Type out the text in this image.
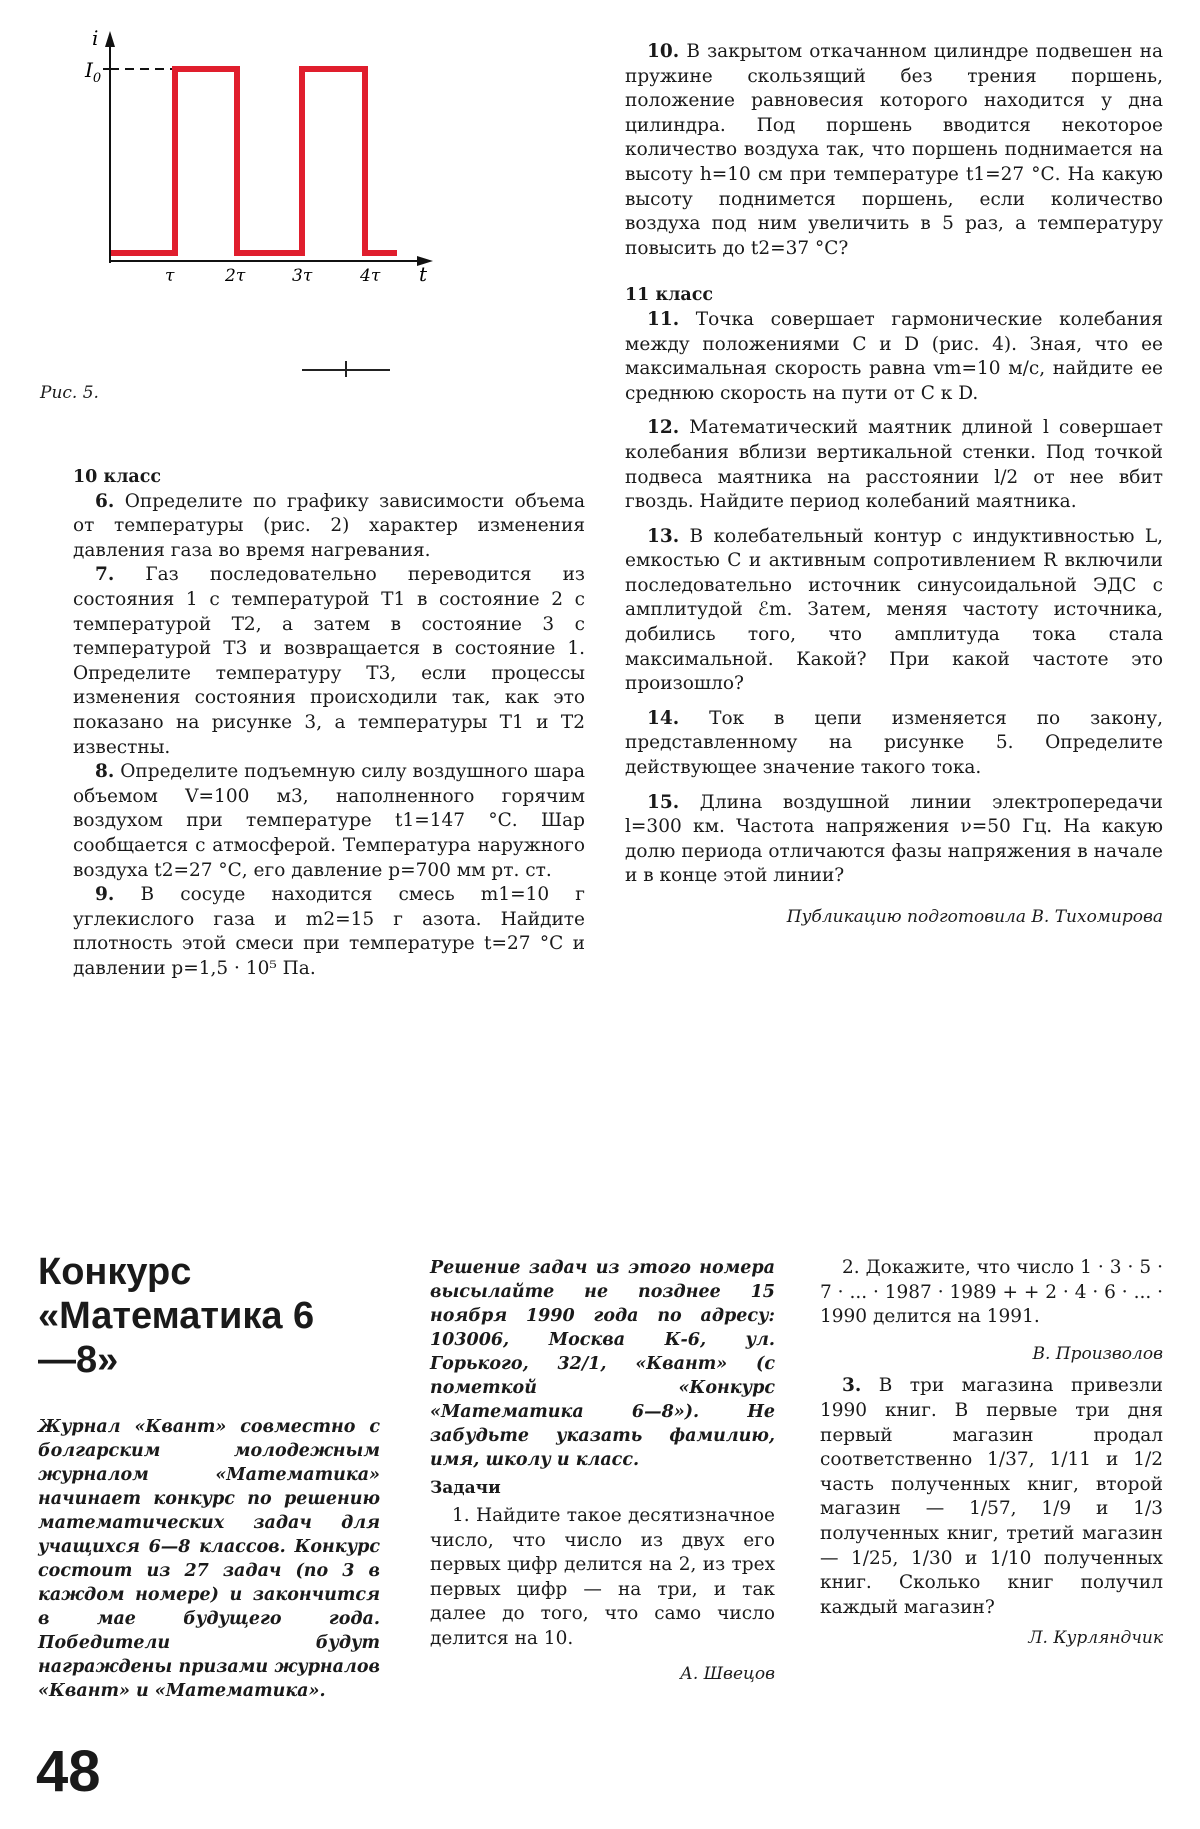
i
$I_0$
τ	2τ	3τ	4τ t
Рис. 5.

10 класс

6. Определите по графику зависимости объема от температуры (рис. 2) характер изменения давления газа во время нагревания.

7. Газ последовательно переводится из состояния 1 с температурой T1 в состояние 2 с температурой T2, а затем в состояние 3 с температурой T3 и возвращается в состояние 1. Определите температуру T3, если процессы изменения состояния происходили так, как это показано на рисунке 3, а температуры T1 и T2 известны.

8. Определите подъемную силу воздушного шара объемом V=100 м3, наполненного горячим воздухом при температуре t1=147 °С. Шар сообщается с атмосферой. Температура наружного воздуха t2=27 °С, его давление p=700 мм рт. ст.

9. В сосуде находится смесь m1=10 г углекислого газа и m2=15 г азота. Найдите плотность этой смеси при температуре t=27 °С и давлении p=1,5 · 10⁵ Па.

10. В закрытом откачанном цилиндре подвешен на пружине скользящий без трения поршень, положение равновесия которого находится у дна цилиндра. Под поршень вводится некоторое количество воздуха так, что поршень поднимается на высоту h=10 см при температуре t1=27 °С. На какую высоту поднимется поршень, если количество воздуха под ним увеличить в 5 раз, а температуру повысить до t2=37 °С?

11 класс

11. Точка совершает гармонические колебания между положениями C и D (рис. 4). Зная, что ее максимальная скорость равна vm=10 м/с, найдите ее среднюю скорость на пути от C к D.

12. Математический маятник длиной l совершает колебания вблизи вертикальной стенки. Под точкой подвеса маятника на расстоянии l/2 от нее вбит гвоздь. Найдите период колебаний маятника.

13. В колебательный контур с индуктивностью L, емкостью C и активным сопротивлением R включили последовательно источник синусоидальной ЭДС с амплитудой ℰm. Затем, меняя частоту источника, добились того, что амплитуда тока стала максимальной. Какой? При какой частоте это произошло?

14. Ток в цепи изменяется по закону, представленному на рисунке 5. Определите действующее значение такого тока.

15. Длина воздушной линии электропередачи l=300 км. Частота напряжения ν=50 Гц. На какую долю периода отличаются фазы напряжения в начале и в конце этой линии?

Публикацию подготовила В. Тихомирова

Конкурс «Математика 6—8»
Журнал «Квант» совместно с болгарским молодежным журналом «Математика» начинает конкурс по решению математических задач для учащихся 6—8 классов. Конкурс состоит из 27 задач (по 3 в каждом номере) и закончится в мае будущего года. Победители будут награждены призами журналов «Квант» и «Математика».
Решение задач из этого номера высылайте не позднее 15 ноября 1990 года по адресу: 103006, Москва К-6, ул. Горького, 32/1, «Квант» (с пометкой «Конкурс «Математика 6—8»). Не забудьте указать фамилию, имя, школу и класс.
Задачи

1. Найдите такое десятизначное число, что число из двух его первых цифр делится на 2, из трех первых цифр — на три, и так далее до того, что само число делится на 10.

А. Швецов

2. Докажите, что число 1 · 3 · 5 · 7 · ... · 1987 · 1989 + + 2 · 4 · 6 · ... · 1990 делится на 1991.

В. Произволов

3. В три магазина привезли 1990 книг. В первые три дня первый магазин продал соответственно 1/37, 1/11 и 1/2 часть полученных книг, второй магазин — 1/57, 1/9 и 1/3 полученных книг, третий магазин — 1/25, 1/30 и 1/10 полученных книг. Сколько книг получил каждый магазин?

Л. Курляндчик

48
